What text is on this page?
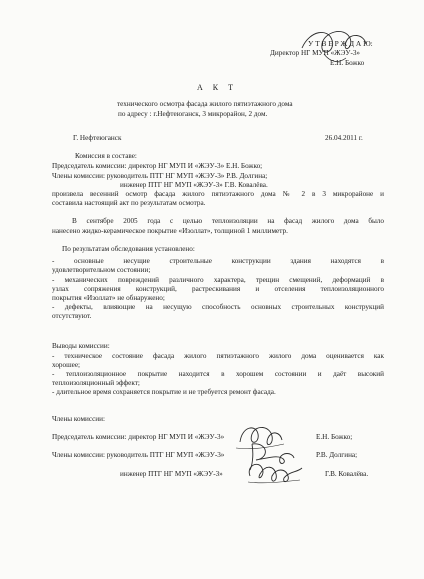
У Т В Е Р Ж Д А Ю:
Директор НГ МУП «ЖЭУ-3»
Е.Н. Божко
А К Т
технического осмотра фасада жилого пятиэтажного дома
по адресу : г.Нефтеюганск, 3 микрорайон, 2 дом.
Г. Нефтеюганск	26.04.2011 г.
Комиссия в составе:
Председатель комиссии: директор НГ МУП И «ЖЭУ-3» Е.Н. Божко;
Члены комиссии: руководитель ПТГ НГ МУП «ЖЭУ-3» Р.В. Долгина;
инженер ПТГ НГ МУП «ЖЭУ-3» Г.В. Ковалёва.
произвела весенний осмотр фасада жилого пятиэтажного дома № 2 в 3 микрорайоне и
составила настоящий акт по результатам осмотра.
В сентябре 2005 года с целью теплоизоляции на фасад жилого дома было
нанесено жидко-керамическое покрытие «Изоллат», толщиной 1 миллиметр.
По результатам обследования установлено:
- основные несущие строительные конструкции здания находятся в
удовлетворительном состоянии;
- механических повреждений различного характера, трещин смещений, деформаций в
узлах сопряжения конструкций, растрескивания и отселения теплоизоляционного
покрытия «Изоллат» не обнаружено;
- дефекты, влияющие на несущую способность основных строительных конструкций
отсутствуют.
Выводы комиссии:
- техническое состояние фасада жилого пятиэтажного жилого дома оценивается как
хорошее;
- теплоизоляционное покрытие находится в хорошем состоянии и даёт высокий
теплоизоляционный эффект;
- длительное время сохраняется покрытие и не требуется ремонт фасада.
Члены комиссии:
Председатель комиссии: директор НГ МУП И «ЖЭУ-3»	Е.Н. Божко;
Члены комиссии: руководитель ПТГ НГ МУП «ЖЭУ-3»	Р.В. Долгина;
инженер ПТГ НГ МУП «ЖЭУ-3»	Г.В. Ковалёва.
